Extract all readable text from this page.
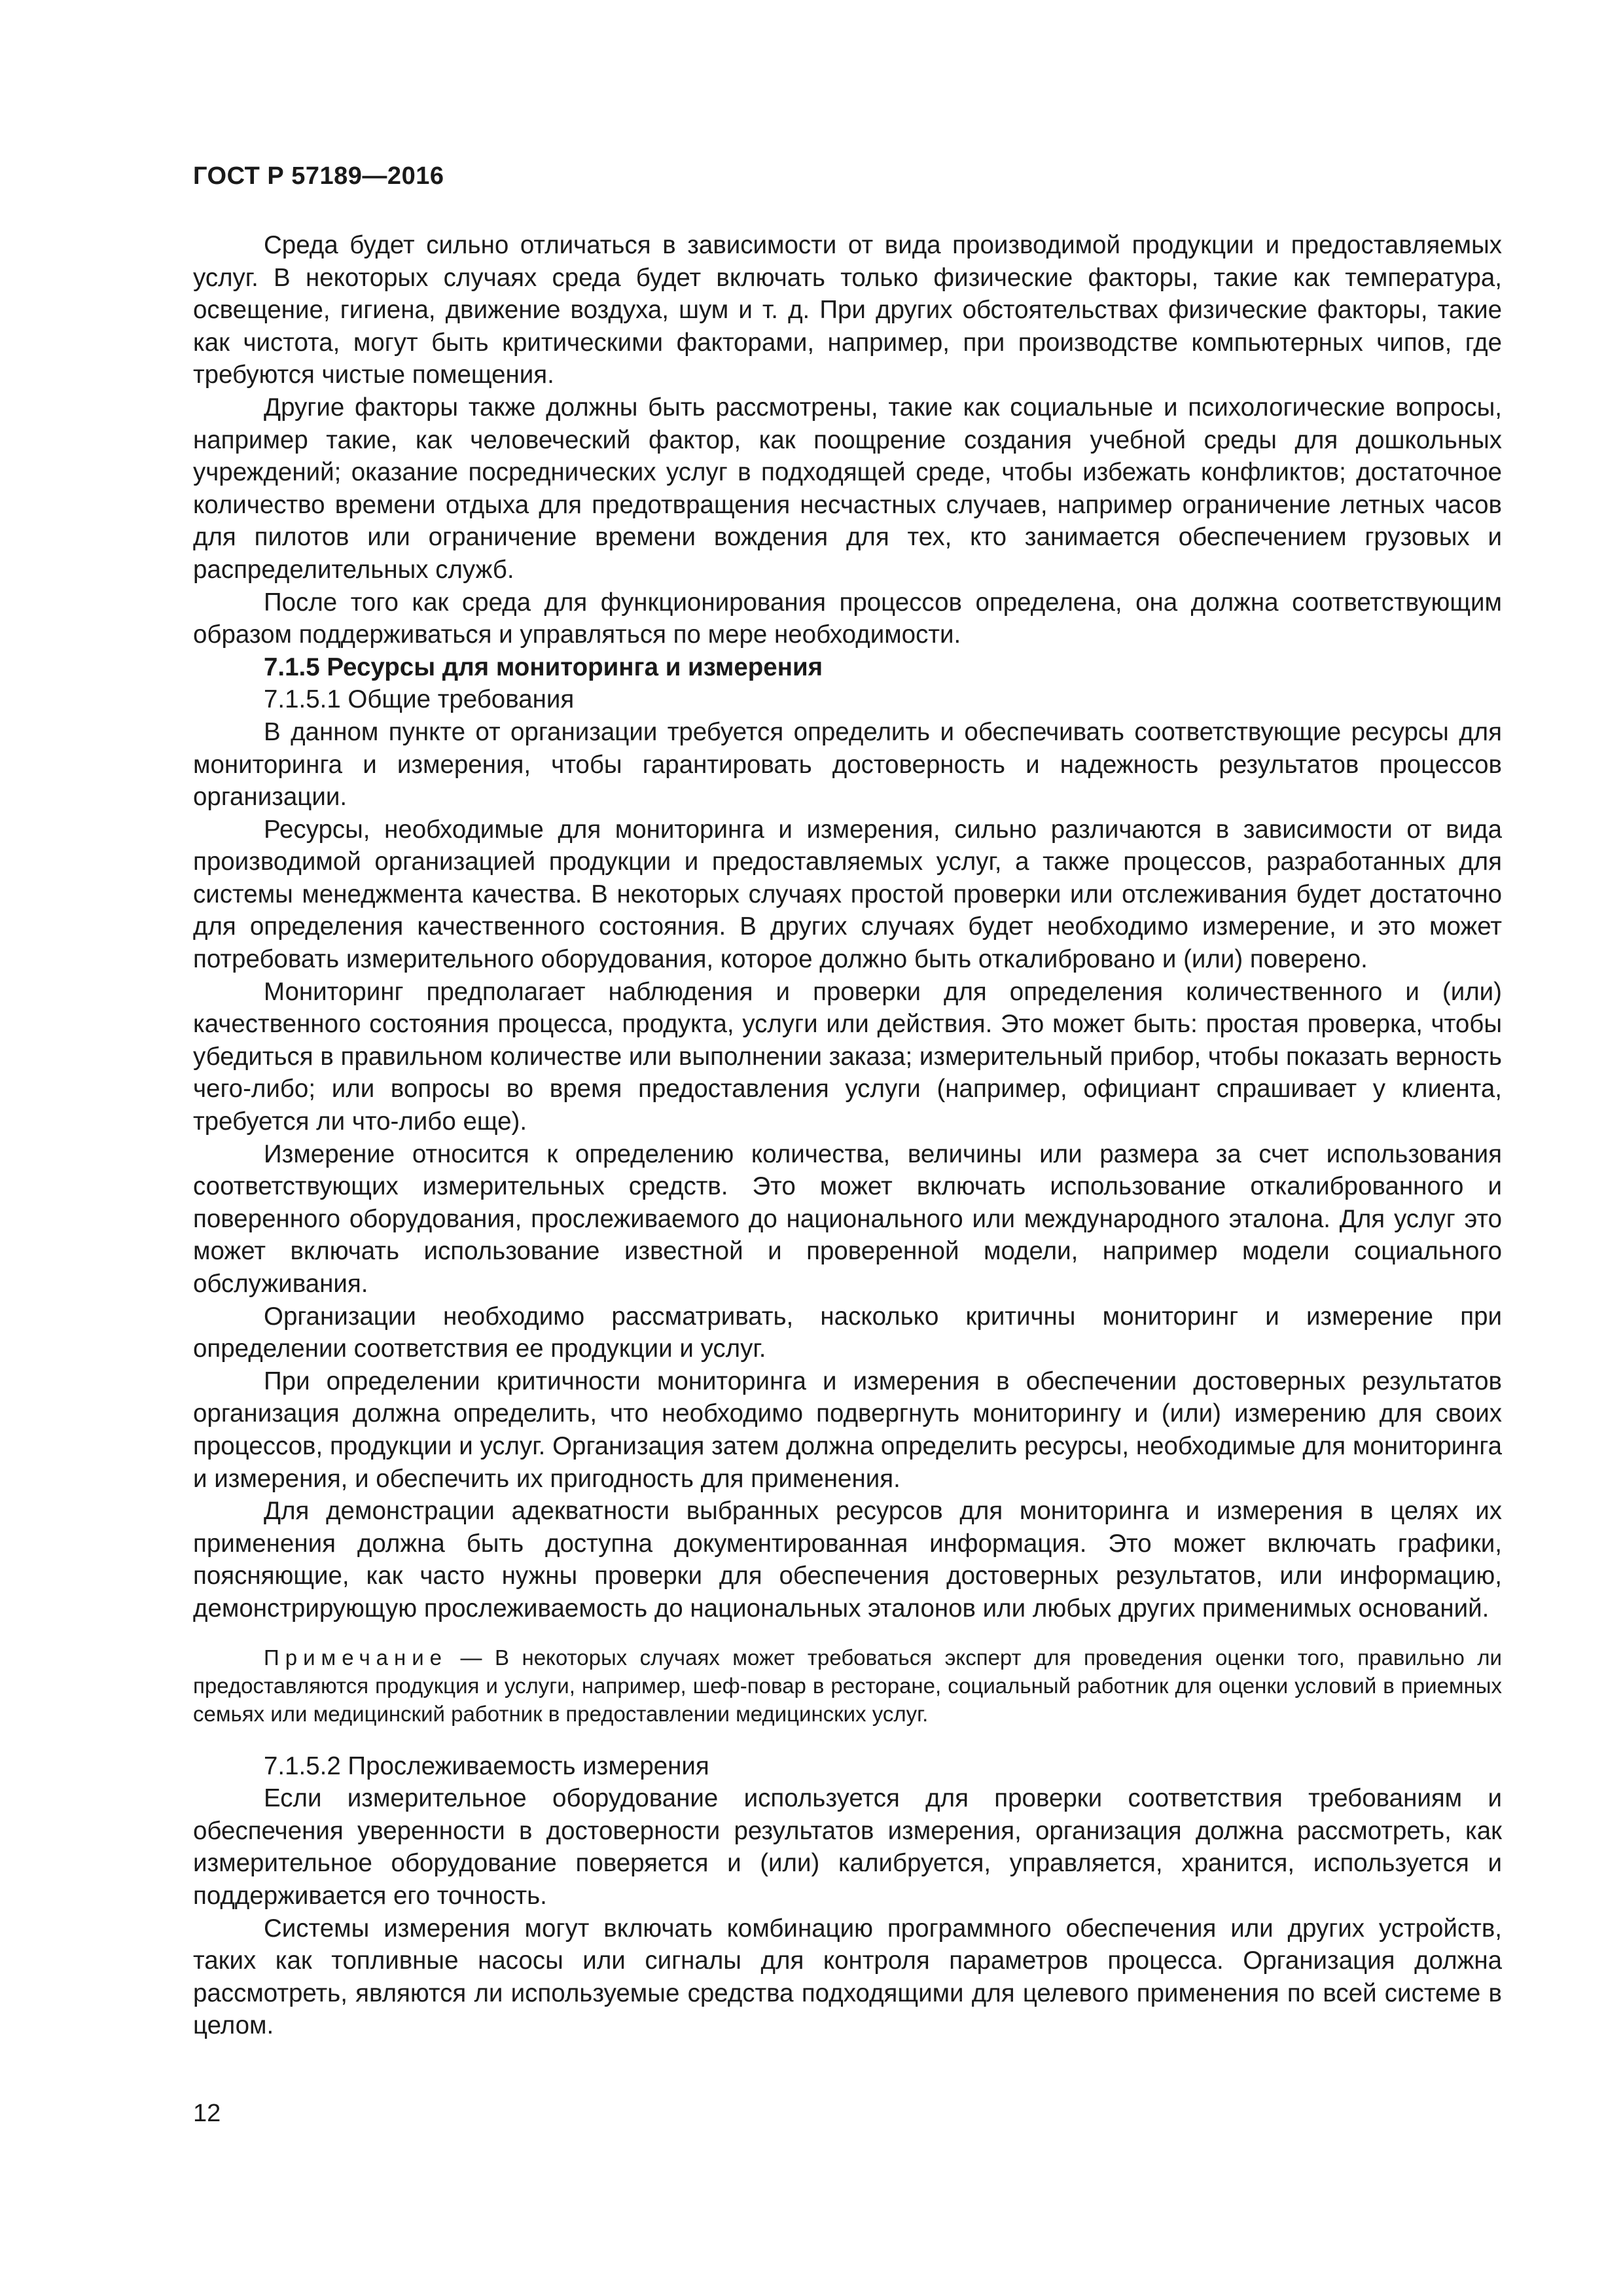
ГОСТ Р 57189—2016

Среда будет сильно отличаться в зависимости от вида производимой продукции и предоставляемых услуг. В некоторых случаях среда будет включать только физические факторы, такие как температура, освещение, гигиена, движение воздуха, шум и т. д. При других обстоятельствах физические факторы, такие как чистота, могут быть критическими факторами, например, при производстве компьютерных чипов, где требуются чистые помещения.

Другие факторы также должны быть рассмотрены, такие как социальные и психологические вопросы, например такие, как человеческий фактор, как поощрение создания учебной среды для дошкольных учреждений; оказание посреднических услуг в подходящей среде, чтобы избежать конфликтов; достаточное количество времени отдыха для предотвращения несчастных случаев, например ограничение летных часов для пилотов или ограничение времени вождения для тех, кто занимается обеспечением грузовых и распределительных служб.

После того как среда для функционирования процессов определена, она должна соответствующим образом поддерживаться и управляться по мере необходимости.

7.1.5 Ресурсы для мониторинга и измерения

7.1.5.1 Общие требования

В данном пункте от организации требуется определить и обеспечивать соответствующие ресурсы для мониторинга и измерения, чтобы гарантировать достоверность и надежность результатов процессов организации.

Ресурсы, необходимые для мониторинга и измерения, сильно различаются в зависимости от вида производимой организацией продукции и предоставляемых услуг, а также процессов, разработанных для системы менеджмента качества. В некоторых случаях простой проверки или отслеживания будет достаточно для определения качественного состояния. В других случаях будет необходимо измерение, и это может потребовать измерительного оборудования, которое должно быть откалибровано и (или) поверено.

Мониторинг предполагает наблюдения и проверки для определения количественного и (или) качественного состояния процесса, продукта, услуги или действия. Это может быть: простая проверка, чтобы убедиться в правильном количестве или выполнении заказа; измерительный прибор, чтобы показать верность чего-либо; или вопросы во время предоставления услуги (например, официант спрашивает у клиента, требуется ли что-либо еще).

Измерение относится к определению количества, величины или размера за счет использования соответствующих измерительных средств. Это может включать использование откалиброванного и поверенного оборудования, прослеживаемого до национального или международного эталона. Для услуг это может включать использование известной и проверенной модели, например модели социального обслуживания.

Организации необходимо рассматривать, насколько критичны мониторинг и измерение при определении соответствия ее продукции и услуг.

При определении критичности мониторинга и измерения в обеспечении достоверных результатов организация должна определить, что необходимо подвергнуть мониторингу и (или) измерению для своих процессов, продукции и услуг. Организация затем должна определить ресурсы, необходимые для мониторинга и измерения, и обеспечить их пригодность для применения.

Для демонстрации адекватности выбранных ресурсов для мониторинга и измерения в целях их применения должна быть доступна документированная информация. Это может включать графики, поясняющие, как часто нужны проверки для обеспечения достоверных результатов, или информацию, демонстрирующую прослеживаемость до национальных эталонов или любых других применимых оснований.

Примечание — В некоторых случаях может требоваться эксперт для проведения оценки того, правильно ли предоставляются продукция и услуги, например, шеф-повар в ресторане, социальный работник для оценки условий в приемных семьях или медицинский работник в предоставлении медицинских услуг.

7.1.5.2 Прослеживаемость измерения

Если измерительное оборудование используется для проверки соответствия требованиям и обеспечения уверенности в достоверности результатов измерения, организация должна рассмотреть, как измерительное оборудование поверяется и (или) калибруется, управляется, хранится, используется и поддерживается его точность.

Системы измерения могут включать комбинацию программного обеспечения или других устройств, таких как топливные насосы или сигналы для контроля параметров процесса. Организация должна рассмотреть, являются ли используемые средства подходящими для целевого применения по всей системе в целом.

12
